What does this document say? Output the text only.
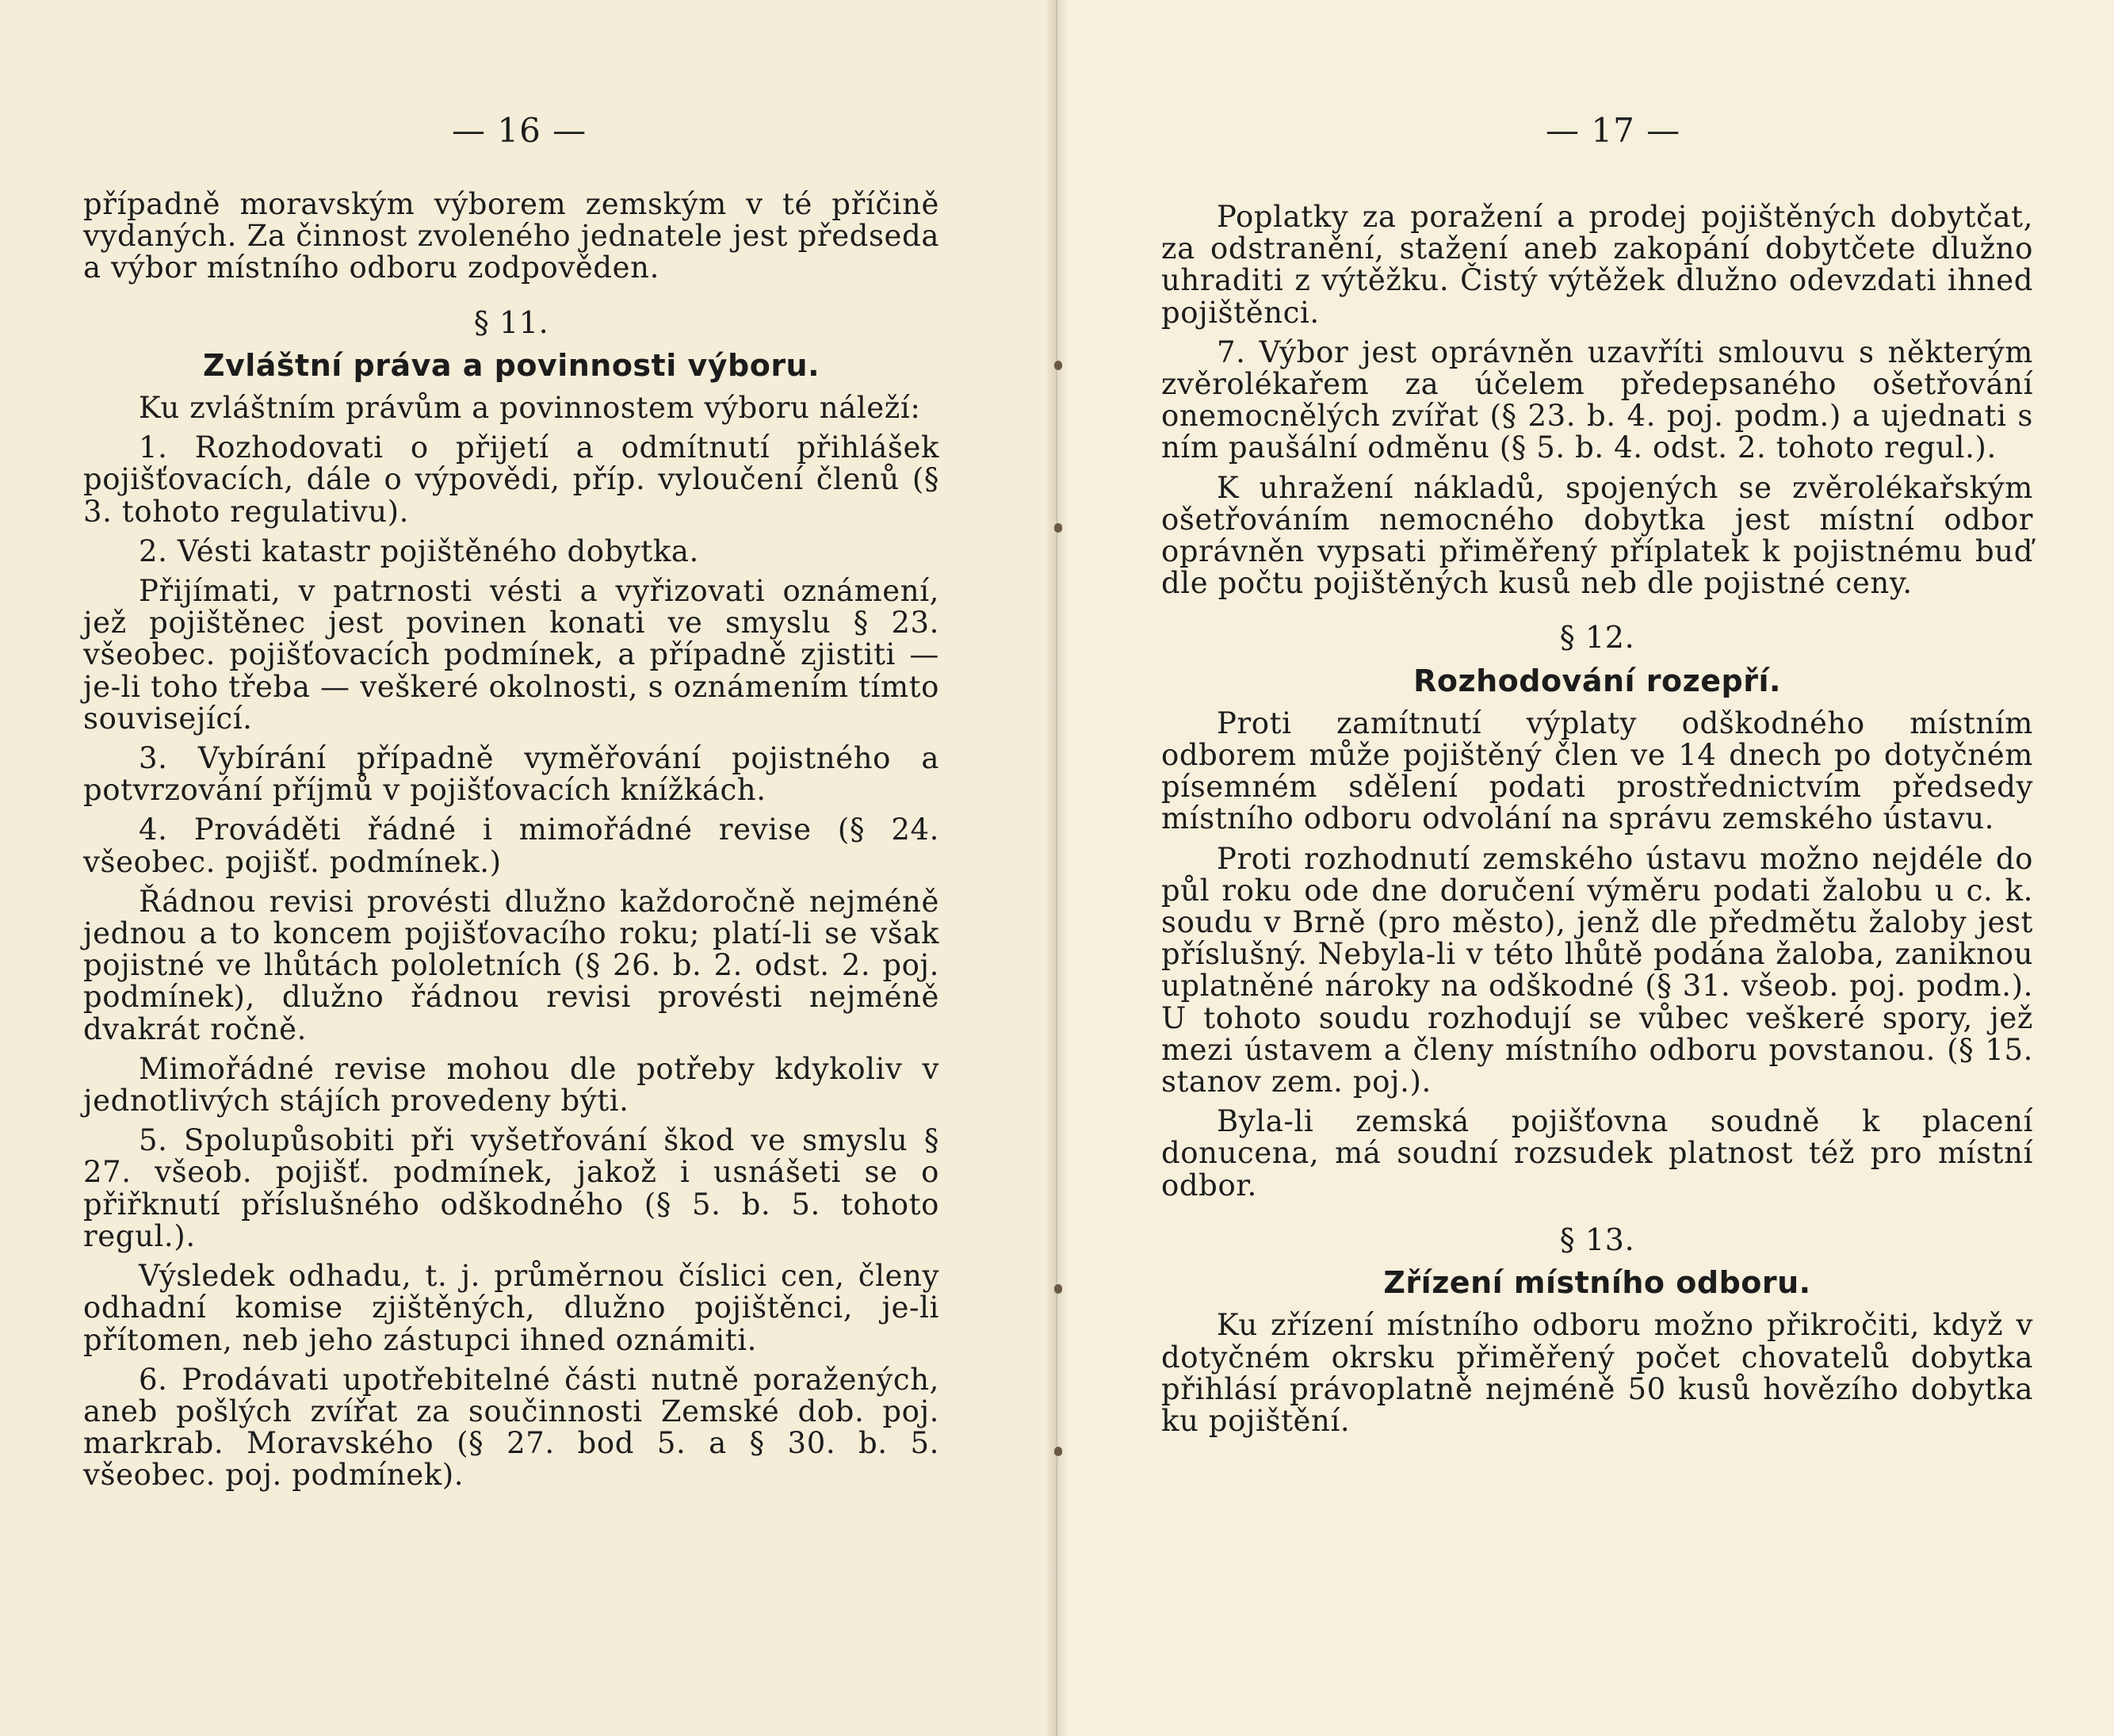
— 16 —

případně moravským výborem zemským v té příčině vydaných. Za činnost zvoleného jednatele jest předseda a výbor místního odboru zodpověden.

§ 11.
Zvláštní práva a povinnosti výboru.

Ku zvláštním právům a povinnostem výboru náleží:

1. Rozhodovati o přijetí a odmítnutí přihlášek pojišťovacích, dále o výpovědi, příp. vyloučení členů (§ 3. tohoto regulativu).

2. Vésti katastr pojištěného dobytka.

Přijímati, v patrnosti vésti a vyřizovati oznámení, jež pojištěnec jest povinen konati ve smyslu § 23. všeobec. pojišťovacích podmínek, a případně zjistiti — je-li toho třeba — veškeré okolnosti, s oznámením tímto související.

3. Vybírání případně vyměřování pojistného a potvrzování příjmů v pojišťovacích knížkách.

4. Prováděti řádné i mimořádné revise (§ 24. všeobec. pojišť. podmínek.)

Řádnou revisi provésti dlužno každoročně nejméně jednou a to koncem pojišťovacího roku; platí-li se však pojistné ve lhůtách pololetních (§ 26. b. 2. odst. 2. poj. podmínek), dlužno řádnou revisi provésti nejméně dvakrát ročně.

Mimořádné revise mohou dle potřeby kdykoliv v jednotlivých stájích provedeny býti.

5. Spolupůsobiti při vyšetřování škod ve smyslu § 27. všeob. pojišť. podmínek, jakož i usnášeti se o přiřknutí příslušného odškodného (§ 5. b. 5. tohoto regul.).

Výsledek odhadu, t. j. průměrnou číslici cen, členy odhadní komise zjištěných, dlužno pojištěnci, je-li přítomen, neb jeho zástupci ihned oznámiti.

6. Prodávati upotřebitelné části nutně poražených, aneb pošlých zvířat za součinnosti Zemské dob. poj. markrab. Moravského (§ 27. bod 5. a § 30. b. 5. všeobec. poj. podmínek).

— 17 —

Poplatky za poražení a prodej pojištěných dobytčat, za odstranění, stažení aneb zakopání dobytčete dlužno uhraditi z výtěžku. Čistý výtěžek dlužno odevzdati ihned pojištěnci.

7. Výbor jest oprávněn uzavříti smlouvu s některým zvěrolékařem za účelem předepsaného ošetřování onemocnělých zvířat (§ 23. b. 4. poj. podm.) a ujednati s ním paušální odměnu (§ 5. b. 4. odst. 2. tohoto regul.).

K uhražení nákladů, spojených se zvěrolékařským ošetřováním nemocného dobytka jest místní odbor oprávněn vypsati přiměřený příplatek k pojistnému buď dle počtu pojištěných kusů neb dle pojistné ceny.

§ 12.
Rozhodování rozepří.

Proti zamítnutí výplaty odškodného místním odborem může pojištěný člen ve 14 dnech po dotyčném písemném sdělení podati prostřednictvím předsedy místního odboru odvolání na správu zemského ústavu.

Proti rozhodnutí zemského ústavu možno nejdéle do půl roku ode dne doručení výměru podati žalobu u c. k. soudu v Brně (pro město), jenž dle předmětu žaloby jest příslušný. Nebyla-li v této lhůtě podána žaloba, zaniknou uplatněné nároky na odškodné (§ 31. všeob. poj. podm.). U tohoto soudu rozhodují se vůbec veškeré spory, jež mezi ústavem a členy místního odboru povstanou. (§ 15. stanov zem. poj.).

Byla-li zemská pojišťovna soudně k placení donucena, má soudní rozsudek platnost též pro místní odbor.

§ 13.
Zřízení místního odboru.

Ku zřízení místního odboru možno přikročiti, když v dotyčném okrsku přiměřený počet chovatelů dobytka přihlásí právoplatně nejméně 50 kusů hovězího dobytka ku pojištění.
